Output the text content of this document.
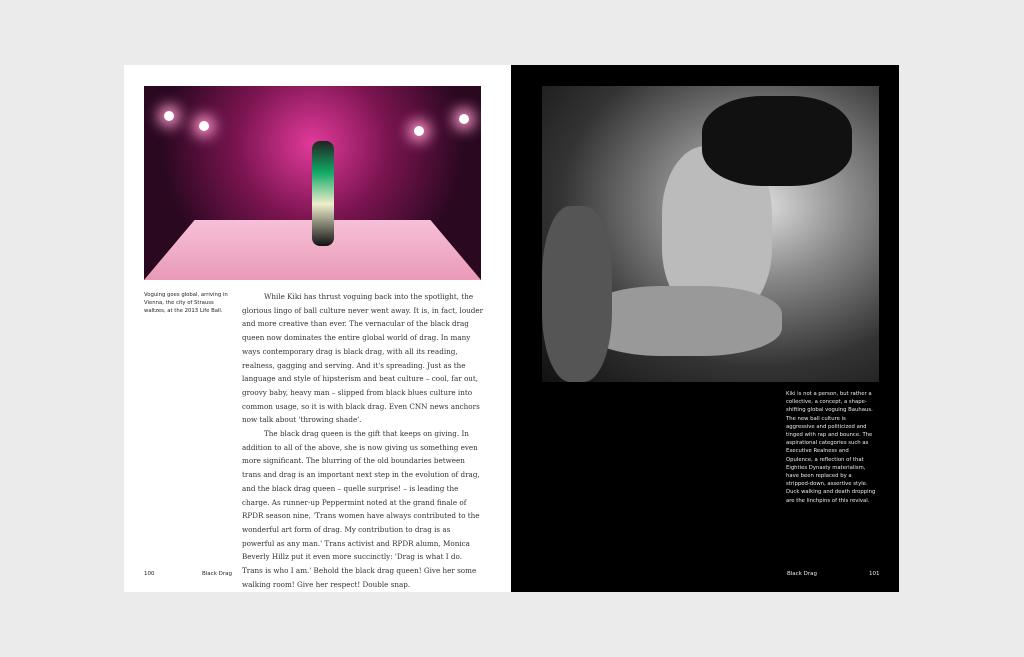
Voguing goes global, arriving in Vienna, the city of Strauss waltzes, at the 2013 Life Ball.

While Kiki has thrust voguing back into the spotlight, the glorious lingo of ball culture never went away. It is, in fact, louder and more creative than ever. The vernacular of the black drag queen now dominates the entire global world of drag. In many ways contemporary drag is black drag, with all its reading, realness, gagging and serving. And it's spreading. Just as the language and style of hipsterism and beat culture – cool, far out, groovy baby, heavy man – slipped from black blues culture into common usage, so it is with black drag. Even CNN news anchors now talk about 'throwing shade'.

The black drag queen is the gift that keeps on giving. In addition to all of the above, she is now giving us something even more significant. The blurring of the old boundaries between trans and drag is an important next step in the evolution of drag, and the black drag queen – quelle surprise! – is leading the charge. As runner-up Peppermint noted at the grand finale of RPDR season nine, 'Trans women have always contributed to the wonderful art form of drag. My contribution to drag is as powerful as any man.' Trans activist and RPDR alumn, Monica Beverly Hillz put it even more succinctly: 'Drag is what I do. Trans is who I am.' Behold the black drag queen! Give her some walking room! Give her respect! Double snap.

100	Black Drag
Kiki is not a person, but rather a collective, a concept, a shape-shifting global voguing Bauhaus. The new ball culture is aggressive and politicized and tinged with rap and bounce. The aspirational categories such as Executive Realness and Opulence, a reflection of that Eighties Dynasty materialism, have been replaced by a stripped-down, assertive style. Duck walking and death dropping are the linchpins of this revival.
Black Drag	101
